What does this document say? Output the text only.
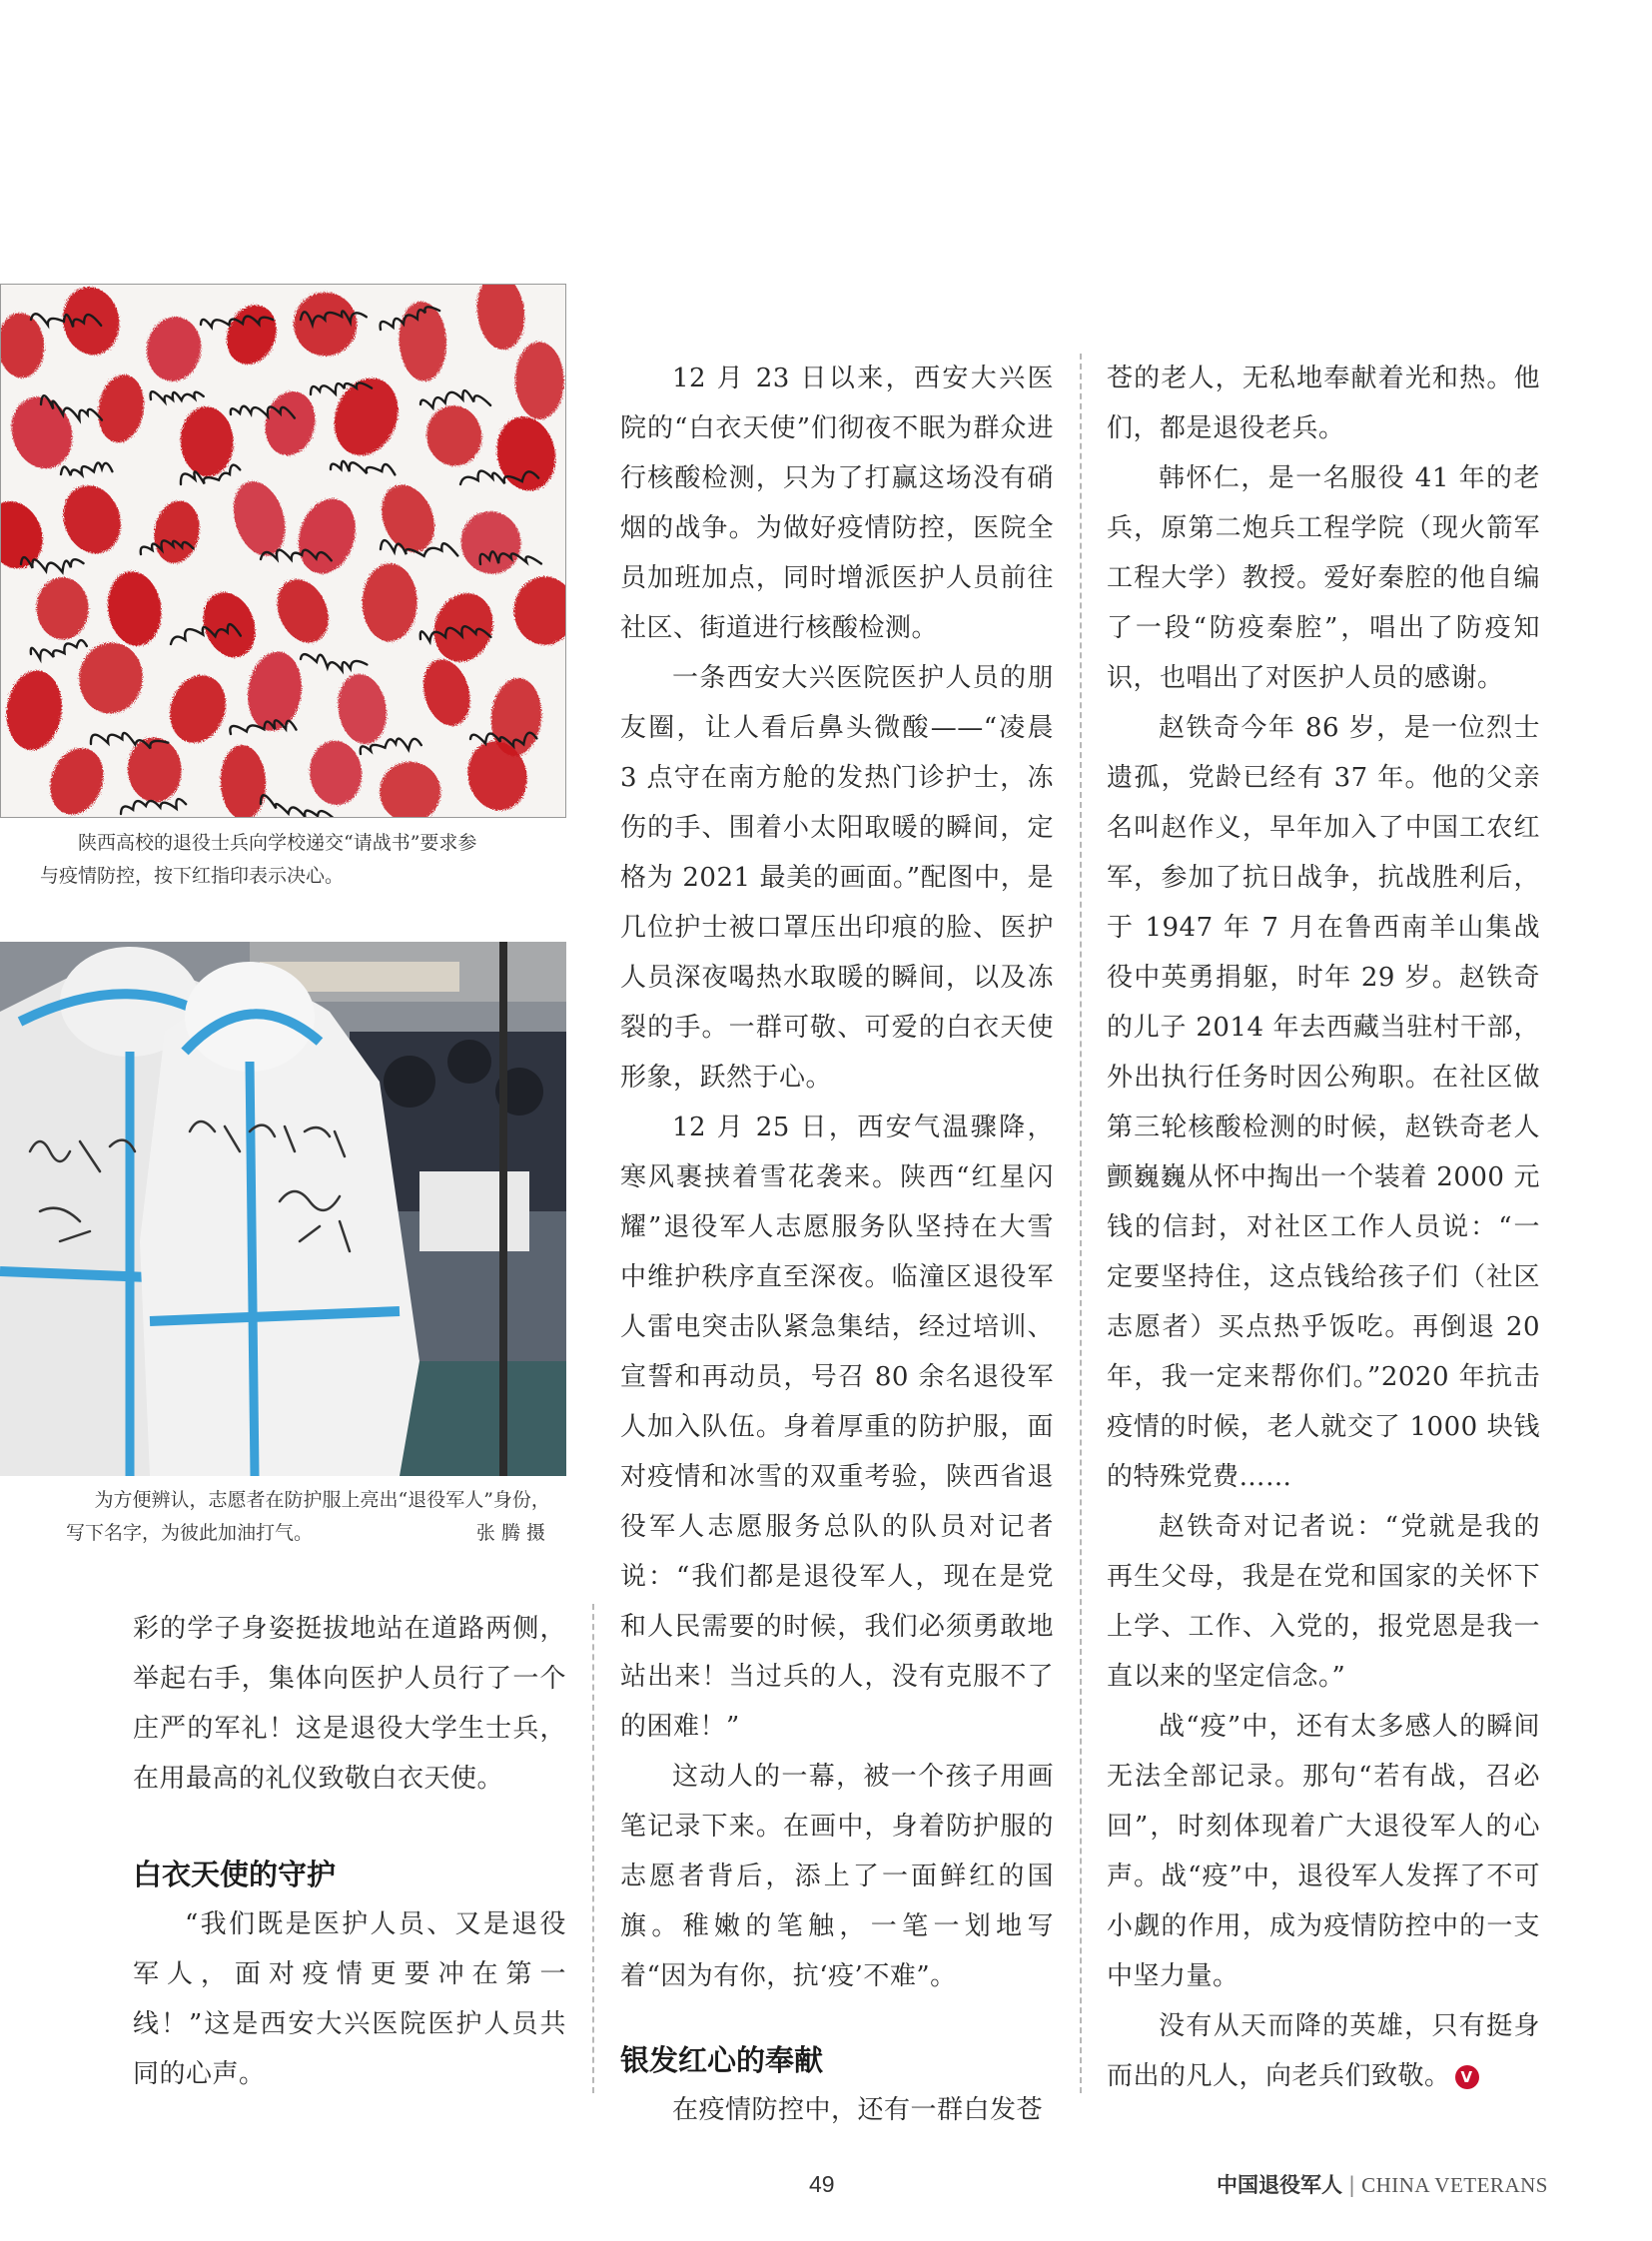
陕西高校的退役士兵向学校递交“请战书”要求参
与疫情防控，按下红指印表示决心。
为方便辨认，志愿者在防护服上亮出“退役军人”身份，
写下名字，为彼此加油打气。	张 腾 摄

彩的学子身姿挺拔地站在道路两侧，举起右手，集体向医护人员行了一个庄严的军礼！这是退役大学生士兵，在用最高的礼仪致敬白衣天使。

白衣天使的守护

“我们既是医护人员、又是退役军人，面对疫情更要冲在第一线！”这是西安大兴医院医护人员共同的心声。

12 月 23 日以来，西安大兴医院的“白衣天使”们彻夜不眠为群众进行核酸检测，只为了打赢这场没有硝烟的战争。为做好疫情防控，医院全员加班加点，同时增派医护人员前往社区、街道进行核酸检测。

一条西安大兴医院医护人员的朋友圈，让人看后鼻头微酸——“凌晨 3 点守在南方舱的发热门诊护士，冻伤的手、围着小太阳取暖的瞬间，定格为 2021 最美的画面。”配图中，是几位护士被口罩压出印痕的脸、医护人员深夜喝热水取暖的瞬间，以及冻裂的手。一群可敬、可爱的白衣天使形象，跃然于心。

12 月 25 日，西安气温骤降，寒风裹挟着雪花袭来。陕西“红星闪耀”退役军人志愿服务队坚持在大雪中维护秩序直至深夜。临潼区退役军人雷电突击队紧急集结，经过培训、宣誓和再动员，号召 80 余名退役军人加入队伍。身着厚重的防护服，面对疫情和冰雪的双重考验，陕西省退役军人志愿服务总队的队员对记者说：“我们都是退役军人，现在是党和人民需要的时候，我们必须勇敢地站出来！当过兵的人，没有克服不了的困难！”

这动人的一幕，被一个孩子用画笔记录下来。在画中，身着防护服的志愿者背后，添上了一面鲜红的国旗。稚嫩的笔触，一笔一划地写着“因为有你，抗‘疫’不难”。

银发红心的奉献

在疫情防控中，还有一群白发苍

苍的老人，无私地奉献着光和热。他们，都是退役老兵。

韩怀仁，是一名服役 41 年的老兵，原第二炮兵工程学院（现火箭军工程大学）教授。爱好秦腔的他自编了一段“防疫秦腔”，唱出了防疫知识，也唱出了对医护人员的感谢。

赵铁奇今年 86 岁，是一位烈士遗孤，党龄已经有 37 年。他的父亲名叫赵作义，早年加入了中国工农红军，参加了抗日战争，抗战胜利后，于 1947 年 7 月在鲁西南羊山集战役中英勇捐躯，时年 29 岁。赵铁奇的儿子 2014 年去西藏当驻村干部，外出执行任务时因公殉职。在社区做第三轮核酸检测的时候，赵铁奇老人颤巍巍从怀中掏出一个装着 2000 元钱的信封，对社区工作人员说：“一定要坚持住，这点钱给孩子们（社区志愿者）买点热乎饭吃。再倒退 20 年，我一定来帮你们。”2020 年抗击疫情的时候，老人就交了 1000 块钱的特殊党费……

赵铁奇对记者说：“党就是我的再生父母，我是在党和国家的关怀下上学、工作、入党的，报党恩是我一直以来的坚定信念。”

战“疫”中，还有太多感人的瞬间无法全部记录。那句“若有战，召必回”，时刻体现着广大退役军人的心声。战“疫”中，退役军人发挥了不可小觑的作用，成为疫情防控中的一支中坚力量。

没有从天而降的英雄，只有挺身而出的凡人，向老兵们致敬。 V

49	中国退役军人 | CHINA VETERANS
